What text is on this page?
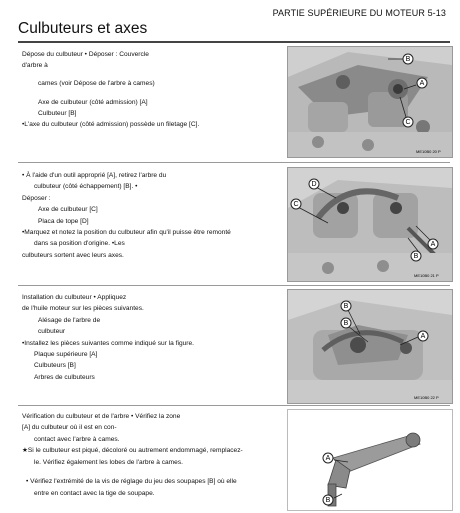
PARTIE SUPÉRIEURE DU MOTEUR 5-13
Culbuteurs et axes
Dépose du culbuteur • Déposer : Couvercle
d'arbre à
cames (voir Dépose de l'arbre à cames)

Axe de culbuteur (côté admission) [A]
Culbuteur [B]
•L'axe du culbuteur (côté admission) possède un filetage [C].
• À l'aide d'un outil approprié [A], retirez l'arbre du
culbuteur (côté échappement) [B]. •
Déposer :
Axe de culbuteur [C]
Placa de tope [D]
•Marquez et notez la position du culbuteur afin qu'il puisse être remonté
dans sa position d'origine. •Les
culbuteurs sortent avec leurs axes.
Installation du culbuteur • Appliquez
de l'huile moteur sur les pièces suivantes.
Alésage de l'arbre de
culbuteur
•Installez les pièces suivantes comme indiqué sur la figure.
Plaque supérieure [A]
Culbuteurs [B]
Arbres de culbuteurs
Vérification du culbuteur et de l'arbre • Vérifiez la zone
[A] du culbuteur où il est en con-
contact avec l'arbre à cames.
★Si le culbuteur est piqué, décoloré ou autrement endommagé, remplacez-
le. Vérifiez également les lobes de l'arbre à cames.

• Vérifiez l'extrémité de la vis de réglage du jeu des soupapes [B] où elle
entre en contact avec la tige de soupape.
B
A
C
ME10B0 20 P
D
C
B
A
ME10B0 21 P
B
B
A
ME10B0 22 P
A
B
